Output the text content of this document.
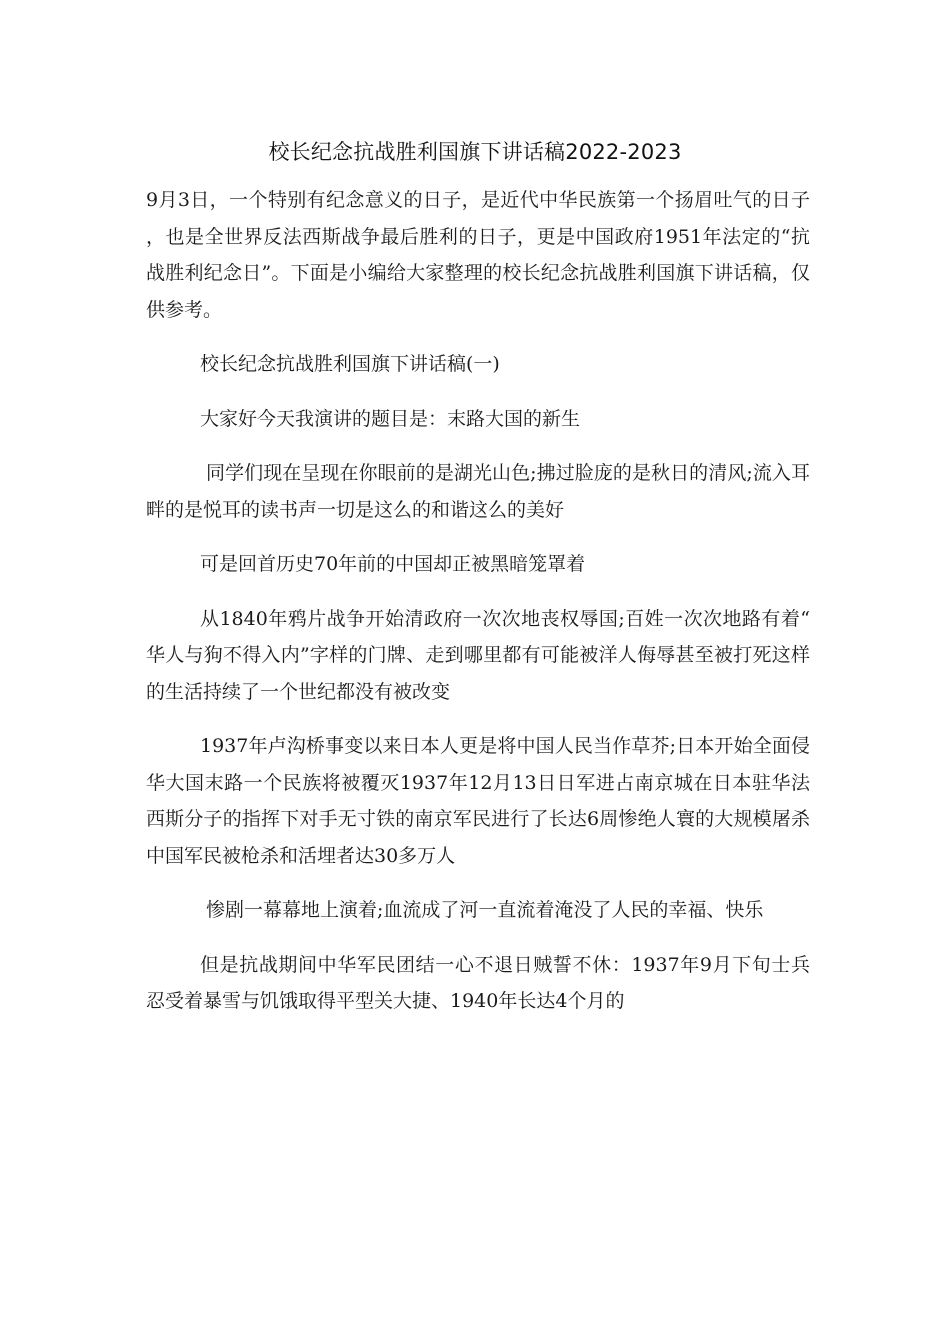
校长纪念抗战胜利国旗下讲话稿2022-2023

9月3日，一个特别有纪念意义的日子，是近代中华民族第一个扬眉吐气的日子，也是全世界反法西斯战争最后胜利的日子，更是中国政府1951年法定的“抗战胜利纪念日”。下面是小编给大家整理的校长纪念抗战胜利国旗下讲话稿，仅供参考。

校长纪念抗战胜利国旗下讲话稿(一)

大家好今天我演讲的题目是：末路大国的新生

同学们现在呈现在你眼前的是湖光山色;拂过脸庞的是秋日的清风;流入耳畔的是悦耳的读书声一切是这么的和谐这么的美好

可是回首历史70年前的中国却正被黑暗笼罩着

从1840年鸦片战争开始清政府一次次地丧权辱国;百姓一次次地路有着“华人与狗不得入内”字样的门牌、走到哪里都有可能被洋人侮辱甚至被打死这样的生活持续了一个世纪都没有被改变

1937年卢沟桥事变以来日本人更是将中国人民当作草芥;日本开始全面侵华大国末路一个民族将被覆灭1937年12月13日日军进占南京城在日本驻华法西斯分子的指挥下对手无寸铁的南京军民进行了长达6周惨绝人寰的大规模屠杀中国军民被枪杀和活埋者达30多万人

惨剧一幕幕地上演着;血流成了河一直流着淹没了人民的幸福、快乐

但是抗战期间中华军民团结一心不退日贼誓不休：1937年9月下旬士兵忍受着暴雪与饥饿取得平型关大捷、1940年长达4个月的
